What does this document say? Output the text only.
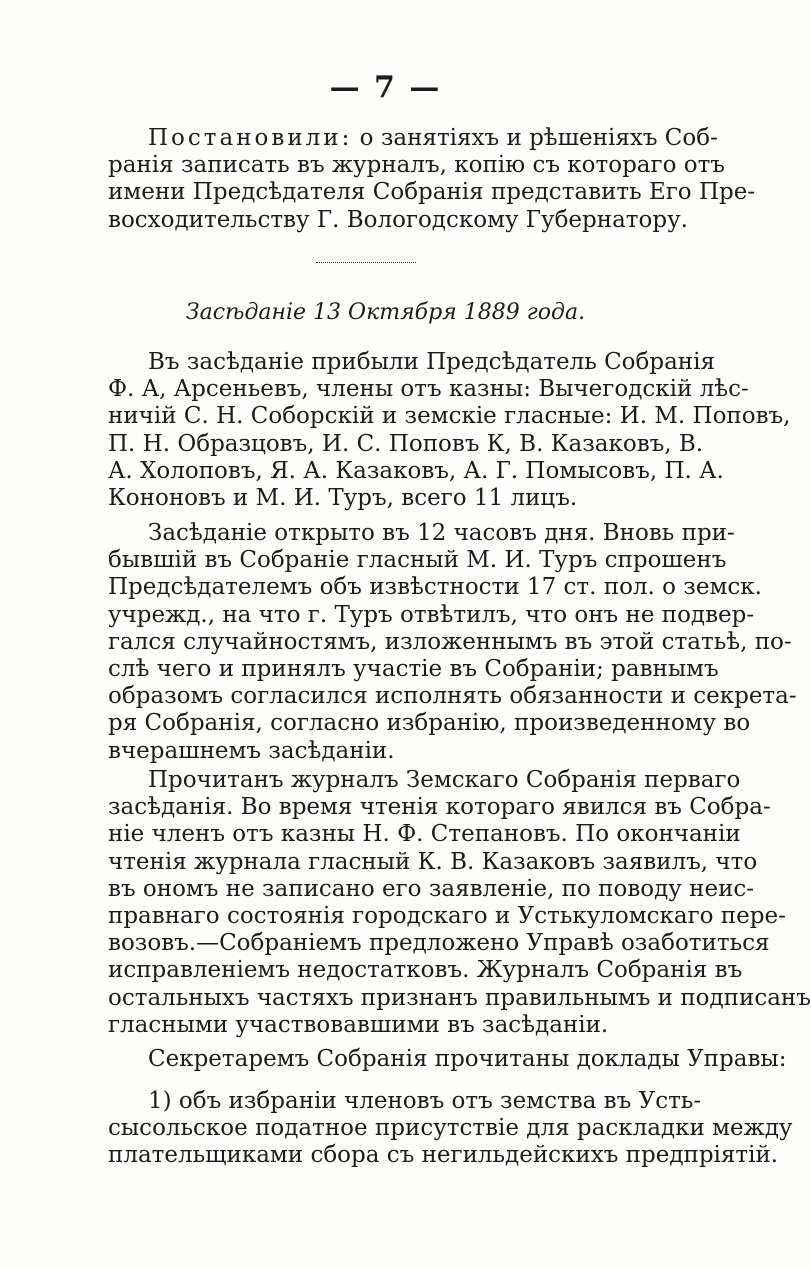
— 7 —
Постановили: о занятіяхъ и рѣшеніяхъ Соб-
ранія записать въ журналъ, копію съ котораго отъ
имени Предсѣдателя Собранія представить Его Пре-
восходительству Г. Вологодскому Губернатору.
Засѣданіе 13 Октября 1889 года.
Въ засѣданіе прибыли Предсѣдатель Собранія
Ф. А, Арсеньевъ, члены отъ казны: Вычегодскій лѣс-
ничій С. Н. Соборскій и земскіе гласные: И. М. Поповъ,
П. Н. Образцовъ, И. С. Поповъ К, В. Казаковъ, В.
А. Холоповъ, Я. А. Казаковъ, А. Г. Помысовъ, П. А.
Кононовъ и М. И. Туръ, всего 11 лицъ.
Засѣданіе открыто въ 12 часовъ дня. Вновь при-
бывшій въ Собраніе гласный М. И. Туръ спрошенъ
Предсѣдателемъ объ извѣстности 17 ст. пол. о земск.
учрежд., на что г. Туръ отвѣтилъ, что онъ не подвер-
гался случайностямъ, изложеннымъ въ этой статьѣ, по-
слѣ чего и принялъ участіе въ Собраніи; равнымъ
образомъ согласился исполнять обязанности и секрета-
ря Собранія, согласно избранію, произведенному во
вчерашнемъ засѣданіи.
Прочитанъ журналъ Земскаго Собранія перваго
засѣданія. Во время чтенія котораго явился въ Собра-
ніе членъ отъ казны Н. Ф. Степановъ. По окончаніи
чтенія журнала гласный К. В. Казаковъ заявилъ, что
въ ономъ не записано его заявленіе, по поводу неис-
правнаго состоянія городскаго и Устькуломскаго пере-
возовъ.—Собраніемъ предложено Управѣ озаботиться
исправленіемъ недостатковъ. Журналъ Собранія въ
остальныхъ частяхъ признанъ правильнымъ и подписанъ
гласными участвовавшими въ засѣданіи.
Секретаремъ Собранія прочитаны доклады Управы:
1) объ избраніи членовъ отъ земства въ Усть-
сысольское податное присутствіе для раскладки между
плательщиками сбора съ негильдейскихъ предпріятій.
